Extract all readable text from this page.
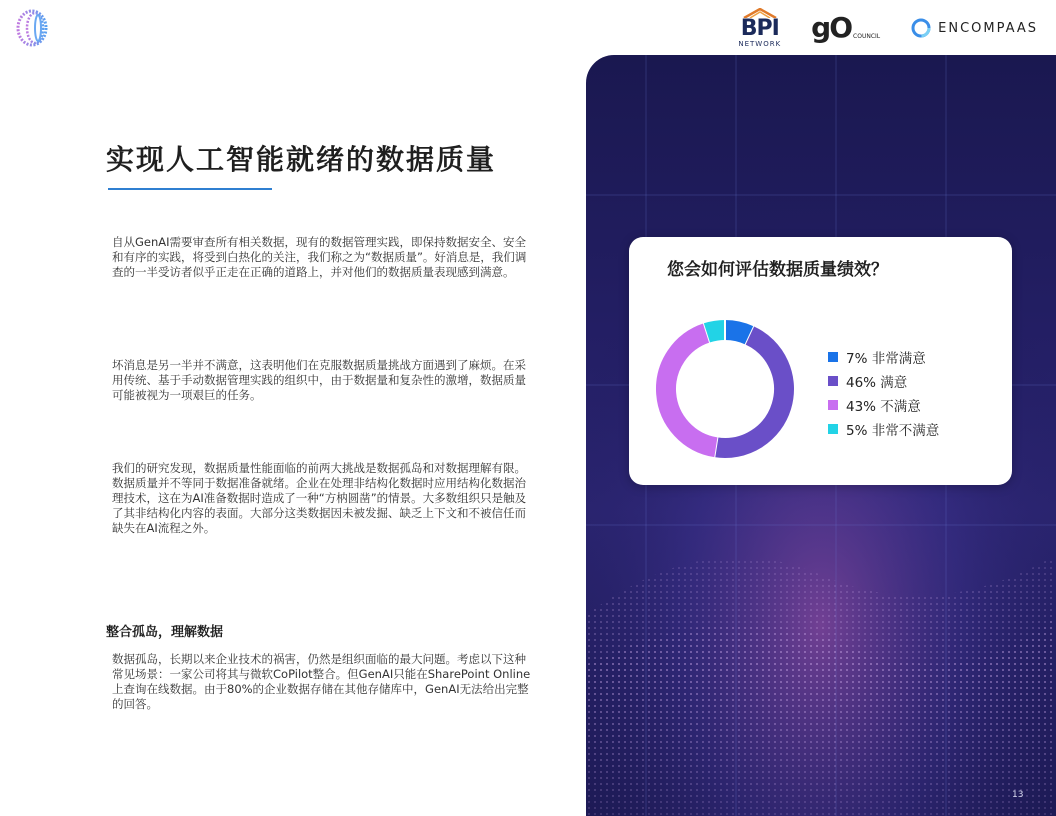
BPI
NETWORK gO COUNCIL
ENCOMPAAS
实现人工智能就绪的数据质量

自从GenAI需要审查所有相关数据，现有的数据管理实践，即保持数据安全、安全和有序的实践，将受到白热化的关注，我们称之为“数据质量”。好消息是，我们调查的一半受访者似乎正走在正确的道路上，并对他们的数据质量表现感到满意。

坏消息是另一半并不满意，这表明他们在克服数据质量挑战方面遇到了麻烦。在采用传统、基于手动数据管理实践的组织中，由于数据量和复杂性的激增，数据质量可能被视为一项艰巨的任务。

我们的研究发现，数据质量性能面临的前两大挑战是数据孤岛和对数据理解有限。数据质量并不等同于数据准备就绪。企业在处理非结构化数据时应用结构化数据治理技术，这在为AI准备数据时造成了一种“方枘圆凿”的情景。大多数组织只是触及了其非结构化内容的表面。大部分这类数据因未被发掘、缺乏上下文和不被信任而缺失在AI流程之外。

整合孤岛，理解数据

数据孤岛，长期以来企业技术的祸害，仍然是组织面临的最大问题。考虑以下这种常见场景：一家公司将其与微软CoPilot整合。但GenAI只能在SharePoint Online上查询在线数据。由于80%的企业数据存储在其他存储库中，GenAI无法给出完整的回答。

您会如何评估数据质量绩效？
7% 非常满意
46% 满意
43% 不满意
5% 非常不满意
13
